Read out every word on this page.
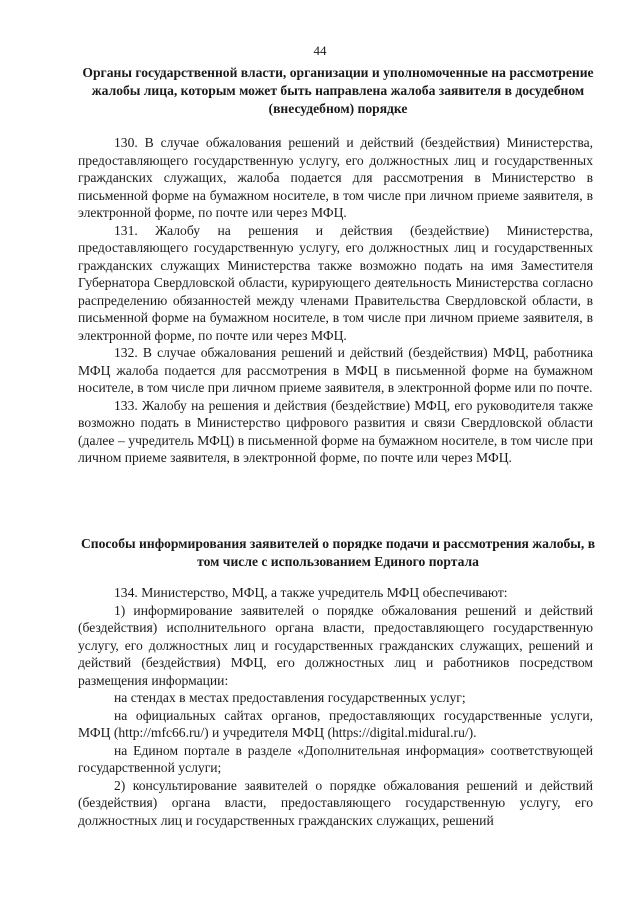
44
Органы государственной власти, организации и уполномоченные на рассмотрение жалобы лица, которым может быть направлена жалоба заявителя в досудебном (внесудебном) порядке

130. В случае обжалования решений и действий (бездействия) Министерства, предоставляющего государственную услугу, его должностных лиц и государственных гражданских служащих, жалоба подается для рассмотрения в Министерство в письменной форме на бумажном носителе, в том числе при личном приеме заявителя, в электронной форме, по почте или через МФЦ.

131. Жалобу на решения и действия (бездействие) Министерства, предоставляющего государственную услугу, его должностных лиц и государственных гражданских служащих Министерства также возможно подать на имя Заместителя Губернатора Свердловской области, курирующего деятельность Министерства согласно распределению обязанностей между членами Правительства Свердловской области, в письменной форме на бумажном носителе, в том числе при личном приеме заявителя, в электронной форме, по почте или через МФЦ.

132. В случае обжалования решений и действий (бездействия) МФЦ, работника МФЦ жалоба подается для рассмотрения в МФЦ в письменной форме на бумажном носителе, в том числе при личном приеме заявителя, в электронной форме или по почте.

133. Жалобу на решения и действия (бездействие) МФЦ, его руководителя также возможно подать в Министерство цифрового развития и связи Свердловской области (далее – учредитель МФЦ) в письменной форме на бумажном носителе, в том числе при личном приеме заявителя, в электронной форме, по почте или через МФЦ.

Способы информирования заявителей о порядке подачи и рассмотрения жалобы, в том числе с использованием Единого портала

134. Министерство, МФЦ, а также учредитель МФЦ обеспечивают:

1) информирование заявителей о порядке обжалования решений и действий (бездействия) исполнительного органа власти, предоставляющего государственную услугу, его должностных лиц и государственных гражданских служащих, решений и действий (бездействия) МФЦ, его должностных лиц и работников посредством размещения информации:

на стендах в местах предоставления государственных услуг;

на официальных сайтах органов, предоставляющих государственные услуги, МФЦ (http://mfc66.ru/) и учредителя МФЦ (https://digital.midural.ru/).

на Едином портале в разделе «Дополнительная информация» соответствующей государственной услуги;

2) консультирование заявителей о порядке обжалования решений и действий (бездействия) органа власти, предоставляющего государственную услугу, его должностных лиц и государственных гражданских служащих, решений
